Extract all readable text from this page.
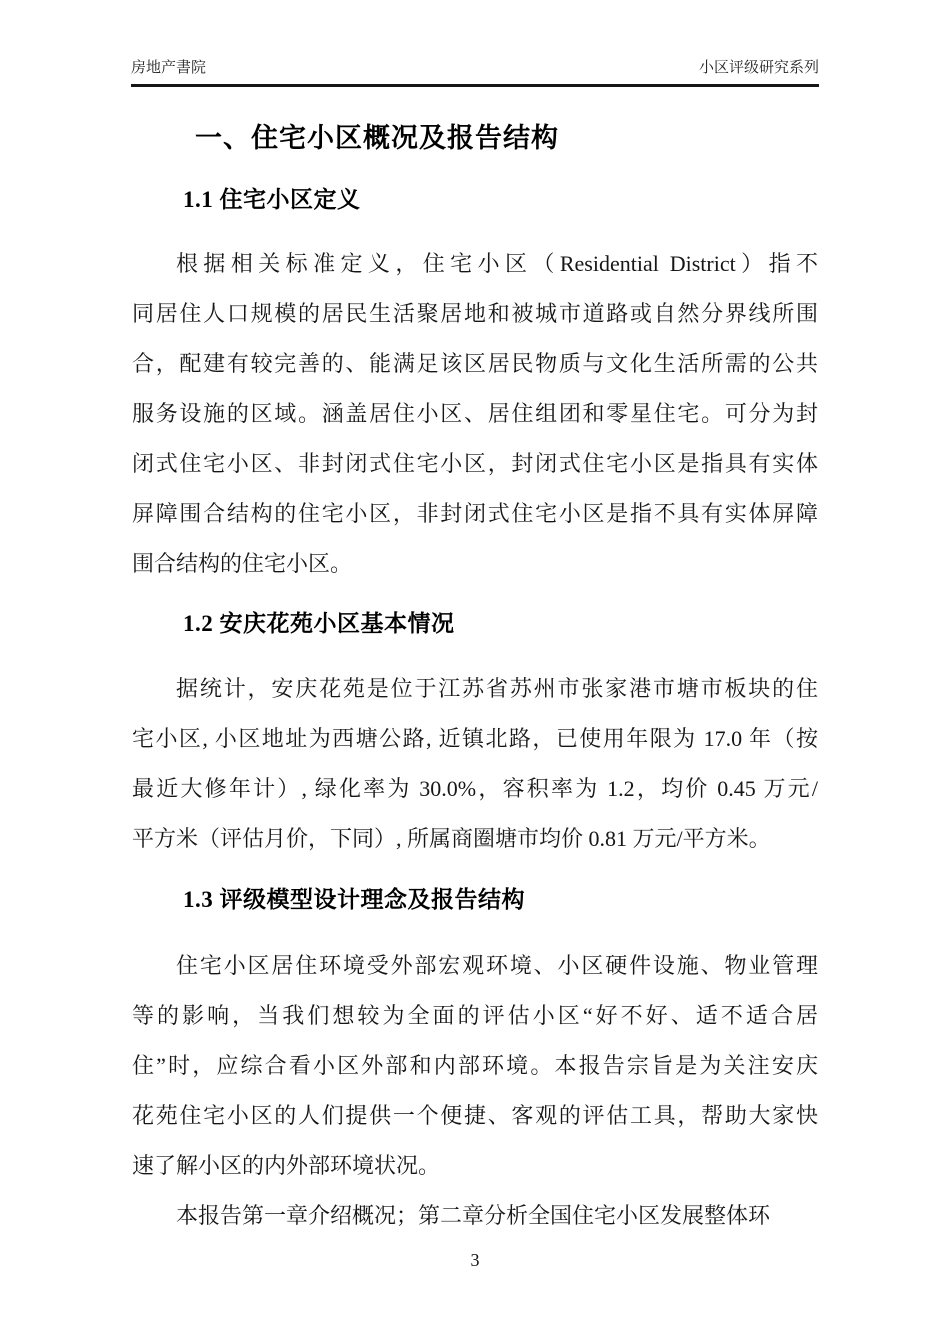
房地产書院	小区评级研究系列
一、住宅小区概况及报告结构
1.1 住宅小区定义
根据相关标准定义，住宅小区（Residential District）指不
同居住人口规模的居民生活聚居地和被城市道路或自然分界线所围
合，配建有较完善的、能满足该区居民物质与文化生活所需的公共
服务设施的区域。涵盖居住小区、居住组团和零星住宅。可分为封
闭式住宅小区、非封闭式住宅小区，封闭式住宅小区是指具有实体
屏障围合结构的住宅小区，非封闭式住宅小区是指不具有实体屏障
围合结构的住宅小区。
1.2 安庆花苑小区基本情况
据统计，安庆花苑是位于江苏省苏州市张家港市塘市板块的住
宅小区, 小区地址为西塘公路, 近镇北路，已使用年限为 17.0 年（按
最近大修年计）, 绿化率为 30.0%，容积率为 1.2，均价 0.45 万元/
平方米（评估月价，下同）, 所属商圈塘市均价 0.81 万元/平方米。
1.3 评级模型设计理念及报告结构
住宅小区居住环境受外部宏观环境、小区硬件设施、物业管理
等的影响，当我们想较为全面的评估小区“好不好、适不适合居
住”时，应综合看小区外部和内部环境。本报告宗旨是为关注安庆
花苑住宅小区的人们提供一个便捷、客观的评估工具，帮助大家快
速了解小区的内外部环境状况。
本报告第一章介绍概况；第二章分析全国住宅小区发展整体环
3
